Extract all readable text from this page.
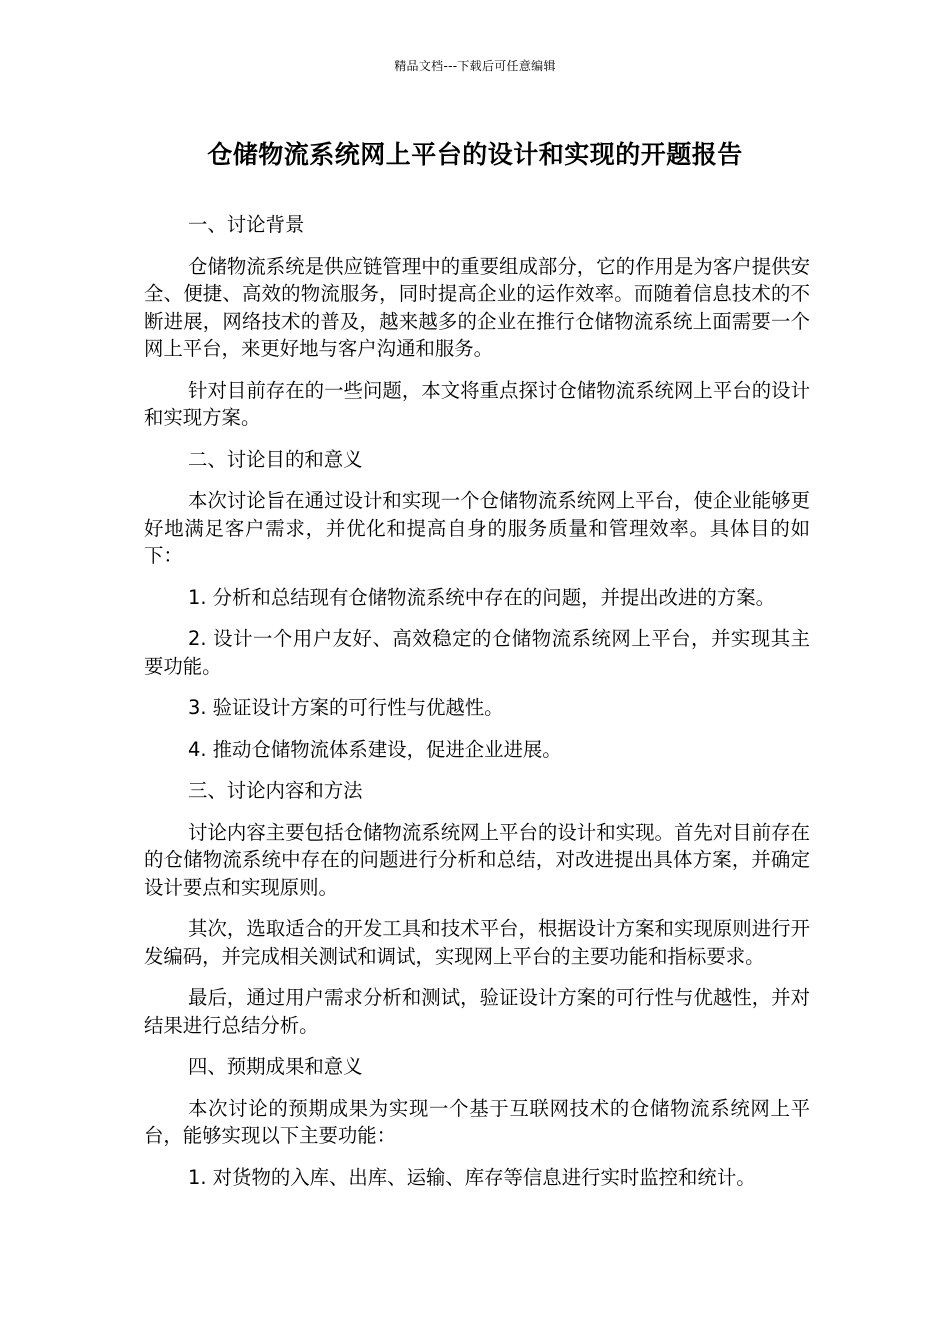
精品文档---下载后可任意编辑
仓储物流系统网上平台的设计和实现的开题报告

一、讨论背景

仓储物流系统是供应链管理中的重要组成部分，它的作用是为客户提供安全、便捷、高效的物流服务，同时提高企业的运作效率。而随着信息技术的不断进展，网络技术的普及，越来越多的企业在推行仓储物流系统上面需要一个网上平台，来更好地与客户沟通和服务。

针对目前存在的一些问题，本文将重点探讨仓储物流系统网上平台的设计和实现方案。

二、讨论目的和意义

本次讨论旨在通过设计和实现一个仓储物流系统网上平台，使企业能够更好地满足客户需求，并优化和提高自身的服务质量和管理效率。具体目的如下：

1. 分析和总结现有仓储物流系统中存在的问题，并提出改进的方案。

2. 设计一个用户友好、高效稳定的仓储物流系统网上平台，并实现其主要功能。

3. 验证设计方案的可行性与优越性。

4. 推动仓储物流体系建设，促进企业进展。

三、讨论内容和方法

讨论内容主要包括仓储物流系统网上平台的设计和实现。首先对目前存在的仓储物流系统中存在的问题进行分析和总结，对改进提出具体方案，并确定设计要点和实现原则。

其次，选取适合的开发工具和技术平台，根据设计方案和实现原则进行开发编码，并完成相关测试和调试，实现网上平台的主要功能和指标要求。

最后，通过用户需求分析和测试，验证设计方案的可行性与优越性，并对结果进行总结分析。

四、预期成果和意义

本次讨论的预期成果为实现一个基于互联网技术的仓储物流系统网上平台，能够实现以下主要功能：

1. 对货物的入库、出库、运输、库存等信息进行实时监控和统计。
